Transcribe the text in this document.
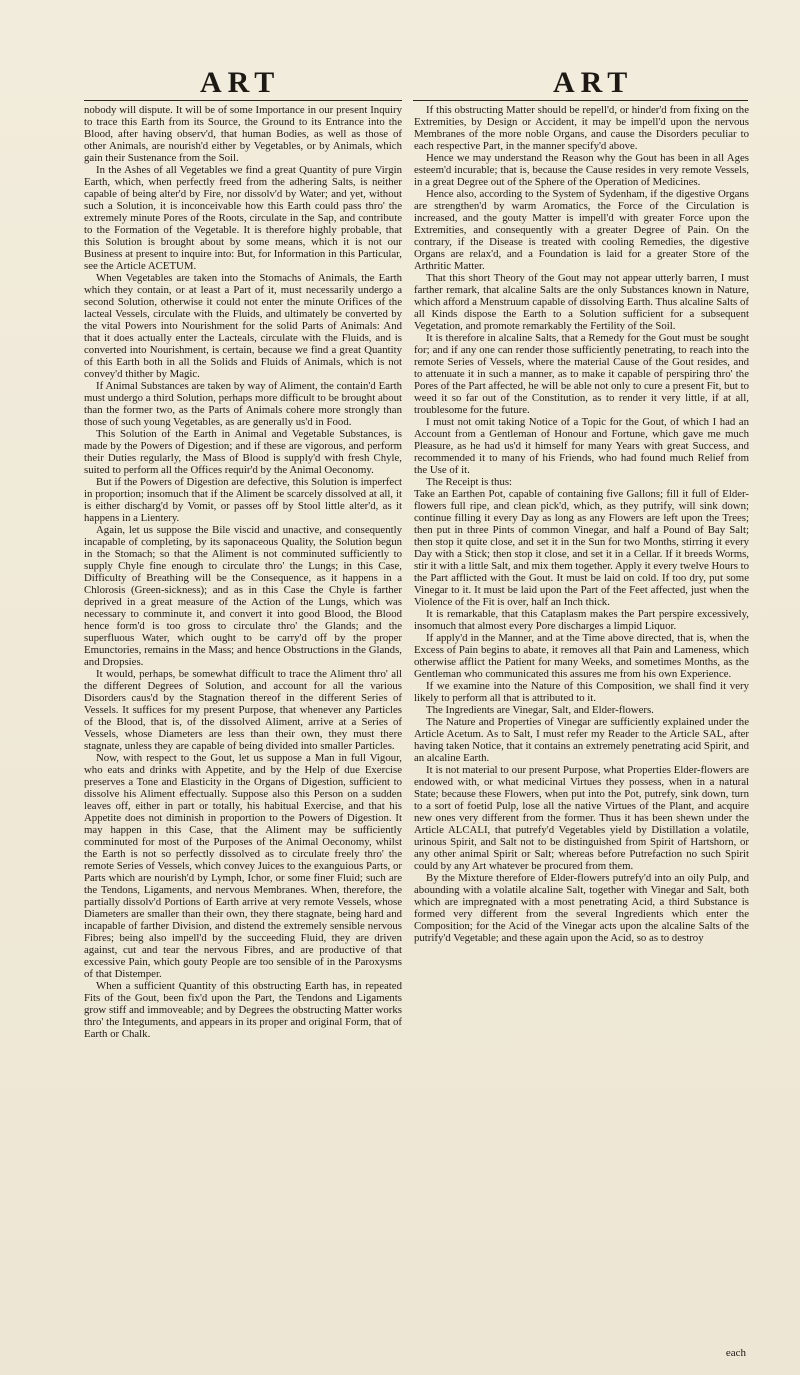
ART	ART

nobody will dispute. It will be of some Importance in our present Inquiry to trace this Earth from its Source, the Ground to its Entrance into the Blood, after having observ'd, that human Bodies, as well as those of other Animals, are nourish'd either by Vegetables, or by Animals, which gain their Sustenance from the Soil.

In the Ashes of all Vegetables we find a great Quantity of pure Virgin Earth, which, when perfectly freed from the adhering Salts, is neither capable of being alter'd by Fire, nor dissolv'd by Water; and yet, without such a Solution, it is inconceivable how this Earth could pass thro' the extremely minute Pores of the Roots, circulate in the Sap, and contribute to the Formation of the Vegetable. It is therefore highly probable, that this Solution is brought about by some means, which it is not our Business at present to inquire into: But, for Information in this Particular, see the Article ACETUM.

When Vegetables are taken into the Stomachs of Animals, the Earth which they contain, or at least a Part of it, must necessarily undergo a second Solution, otherwise it could not enter the minute Orifices of the lacteal Vessels, circulate with the Fluids, and ultimately be converted by the vital Powers into Nourishment for the solid Parts of Animals: And that it does actually enter the Lacteals, circulate with the Fluids, and is converted into Nourishment, is certain, because we find a great Quantity of this Earth both in all the Solids and Fluids of Animals, which is not convey'd thither by Magic.

If Animal Substances are taken by way of Aliment, the contain'd Earth must undergo a third Solution, perhaps more difficult to be brought about than the former two, as the Parts of Animals cohere more strongly than those of such young Vegetables, as are generally us'd in Food.

This Solution of the Earth in Animal and Vegetable Substances, is made by the Powers of Digestion; and if these are vigorous, and perform their Duties regularly, the Mass of Blood is supply'd with fresh Chyle, suited to perform all the Offices requir'd by the Animal Oeconomy.

But if the Powers of Digestion are defective, this Solution is imperfect in proportion; insomuch that if the Aliment be scarcely dissolved at all, it is either discharg'd by Vomit, or passes off by Stool little alter'd, as it happens in a Lientery.

Again, let us suppose the Bile viscid and unactive, and consequently incapable of completing, by its saponaceous Quality, the Solution begun in the Stomach; so that the Aliment is not comminuted sufficiently to supply Chyle fine enough to circulate thro' the Lungs; in this Case, Difficulty of Breathing will be the Consequence, as it happens in a Chlorosis (Green-sickness); and as in this Case the Chyle is farther deprived in a great measure of the Action of the Lungs, which was necessary to comminute it, and convert it into good Blood, the Blood hence form'd is too gross to circulate thro' the Glands; and the superfluous Water, which ought to be carry'd off by the proper Emunctories, remains in the Mass; and hence Obstructions in the Glands, and Dropsies.

It would, perhaps, be somewhat difficult to trace the Aliment thro' all the different Degrees of Solution, and account for all the various Disorders caus'd by the Stagnation thereof in the different Series of Vessels. It suffices for my present Purpose, that whenever any Particles of the Blood, that is, of the dissolved Aliment, arrive at a Series of Vessels, whose Diameters are less than their own, they must there stagnate, unless they are capable of being divided into smaller Particles.

Now, with respect to the Gout, let us suppose a Man in full Vigour, who eats and drinks with Appetite, and by the Help of due Exercise preserves a Tone and Elasticity in the Organs of Digestion, sufficient to dissolve his Aliment effectually. Suppose also this Person on a sudden leaves off, either in part or totally, his habitual Exercise, and that his Appetite does not diminish in proportion to the Powers of Digestion. It may happen in this Case, that the Aliment may be sufficiently comminuted for most of the Purposes of the Animal Oeconomy, whilst the Earth is not so perfectly dissolved as to circulate freely thro' the remote Series of Vessels, which convey Juices to the exanguious Parts, or Parts which are nourish'd by Lymph, Ichor, or some finer Fluid; such are the Tendons, Ligaments, and nervous Membranes. When, therefore, the partially dissolv'd Portions of Earth arrive at very remote Vessels, whose Diameters are smaller than their own, they there stagnate, being hard and incapable of farther Division, and distend the extremely sensible nervous Fibres; being also impell'd by the succeeding Fluid, they are driven against, cut and tear the nervous Fibres, and are productive of that excessive Pain, which gouty People are too sensible of in the Paroxysms of that Distemper.

When a sufficient Quantity of this obstructing Earth has, in repeated Fits of the Gout, been fix'd upon the Part, the Tendons and Ligaments grow stiff and immoveable; and by Degrees the obstructing Matter works thro' the Integuments, and appears in its proper and original Form, that of Earth or Chalk.

If this obstructing Matter should be repell'd, or hinder'd from fixing on the Extremities, by Design or Accident, it may be impell'd upon the nervous Membranes of the more noble Organs, and cause the Disorders peculiar to each respective Part, in the manner specify'd above.

Hence we may understand the Reason why the Gout has been in all Ages esteem'd incurable; that is, because the Cause resides in very remote Vessels, in a great Degree out of the Sphere of the Operation of Medicines.

Hence also, according to the System of Sydenham, if the digestive Organs are strengthen'd by warm Aromatics, the Force of the Circulation is increased, and the gouty Matter is impell'd with greater Force upon the Extremities, and consequently with a greater Degree of Pain. On the contrary, if the Disease is treated with cooling Remedies, the digestive Organs are relax'd, and a Foundation is laid for a greater Store of the Arthritic Matter.

That this short Theory of the Gout may not appear utterly barren, I must farther remark, that alcaline Salts are the only Substances known in Nature, which afford a Menstruum capable of dissolving Earth. Thus alcaline Salts of all Kinds dispose the Earth to a Solution sufficient for a subsequent Vegetation, and promote remarkably the Fertility of the Soil.

It is therefore in alcaline Salts, that a Remedy for the Gout must be sought for; and if any one can render those sufficiently penetrating, to reach into the remote Series of Vessels, where the material Cause of the Gout resides, and to attenuate it in such a manner, as to make it capable of perspiring thro' the Pores of the Part affected, he will be able not only to cure a present Fit, but to weed it so far out of the Constitution, as to render it very little, if at all, troublesome for the future.

I must not omit taking Notice of a Topic for the Gout, of which I had an Account from a Gentleman of Honour and Fortune, which gave me much Pleasure, as he had us'd it himself for many Years with great Success, and recommended it to many of his Friends, who had found much Relief from the Use of it.

The Receipt is thus:

Take an Earthen Pot, capable of containing five Gallons; fill it full of Elder-flowers full ripe, and clean pick'd, which, as they putrify, will sink down; continue filling it every Day as long as any Flowers are left upon the Trees; then put in three Pints of common Vinegar, and half a Pound of Bay Salt; then stop it quite close, and set it in the Sun for two Months, stirring it every Day with a Stick; then stop it close, and set it in a Cellar. If it breeds Worms, stir it with a little Salt, and mix them together. Apply it every twelve Hours to the Part afflicted with the Gout. It must be laid on cold. If too dry, put some Vinegar to it. It must be laid upon the Part of the Feet affected, just when the Violence of the Fit is over, half an Inch thick.

It is remarkable, that this Cataplasm makes the Part perspire excessively, insomuch that almost every Pore discharges a limpid Liquor.

If apply'd in the Manner, and at the Time above directed, that is, when the Excess of Pain begins to abate, it removes all that Pain and Lameness, which otherwise afflict the Patient for many Weeks, and sometimes Months, as the Gentleman who communicated this assures me from his own Experience.

If we examine into the Nature of this Composition, we shall find it very likely to perform all that is attributed to it.

The Ingredients are Vinegar, Salt, and Elder-flowers.

The Nature and Properties of Vinegar are sufficiently explained under the Article Acetum. As to Salt, I must refer my Reader to the Article SAL, after having taken Notice, that it contains an extremely penetrating acid Spirit, and an alcaline Earth.

It is not material to our present Purpose, what Properties Elder-flowers are endowed with, or what medicinal Virtues they possess, when in a natural State; because these Flowers, when put into the Pot, putrefy, sink down, turn to a sort of foetid Pulp, lose all the native Virtues of the Plant, and acquire new ones very different from the former. Thus it has been shewn under the Article ALCALI, that putrefy'd Vegetables yield by Distillation a volatile, urinous Spirit, and Salt not to be distinguished from Spirit of Hartshorn, or any other animal Spirit or Salt; whereas before Putrefaction no such Spirit could by any Art whatever be procured from them.

By the Mixture therefore of Elder-flowers putrefy'd into an oily Pulp, and abounding with a volatile alcaline Salt, together with Vinegar and Salt, both which are impregnated with a most penetrating Acid, a third Substance is formed very different from the several Ingredients which enter the Composition; for the Acid of the Vinegar acts upon the alcaline Salts of the putrify'd Vegetable; and these again upon the Acid, so as to destroy

each
